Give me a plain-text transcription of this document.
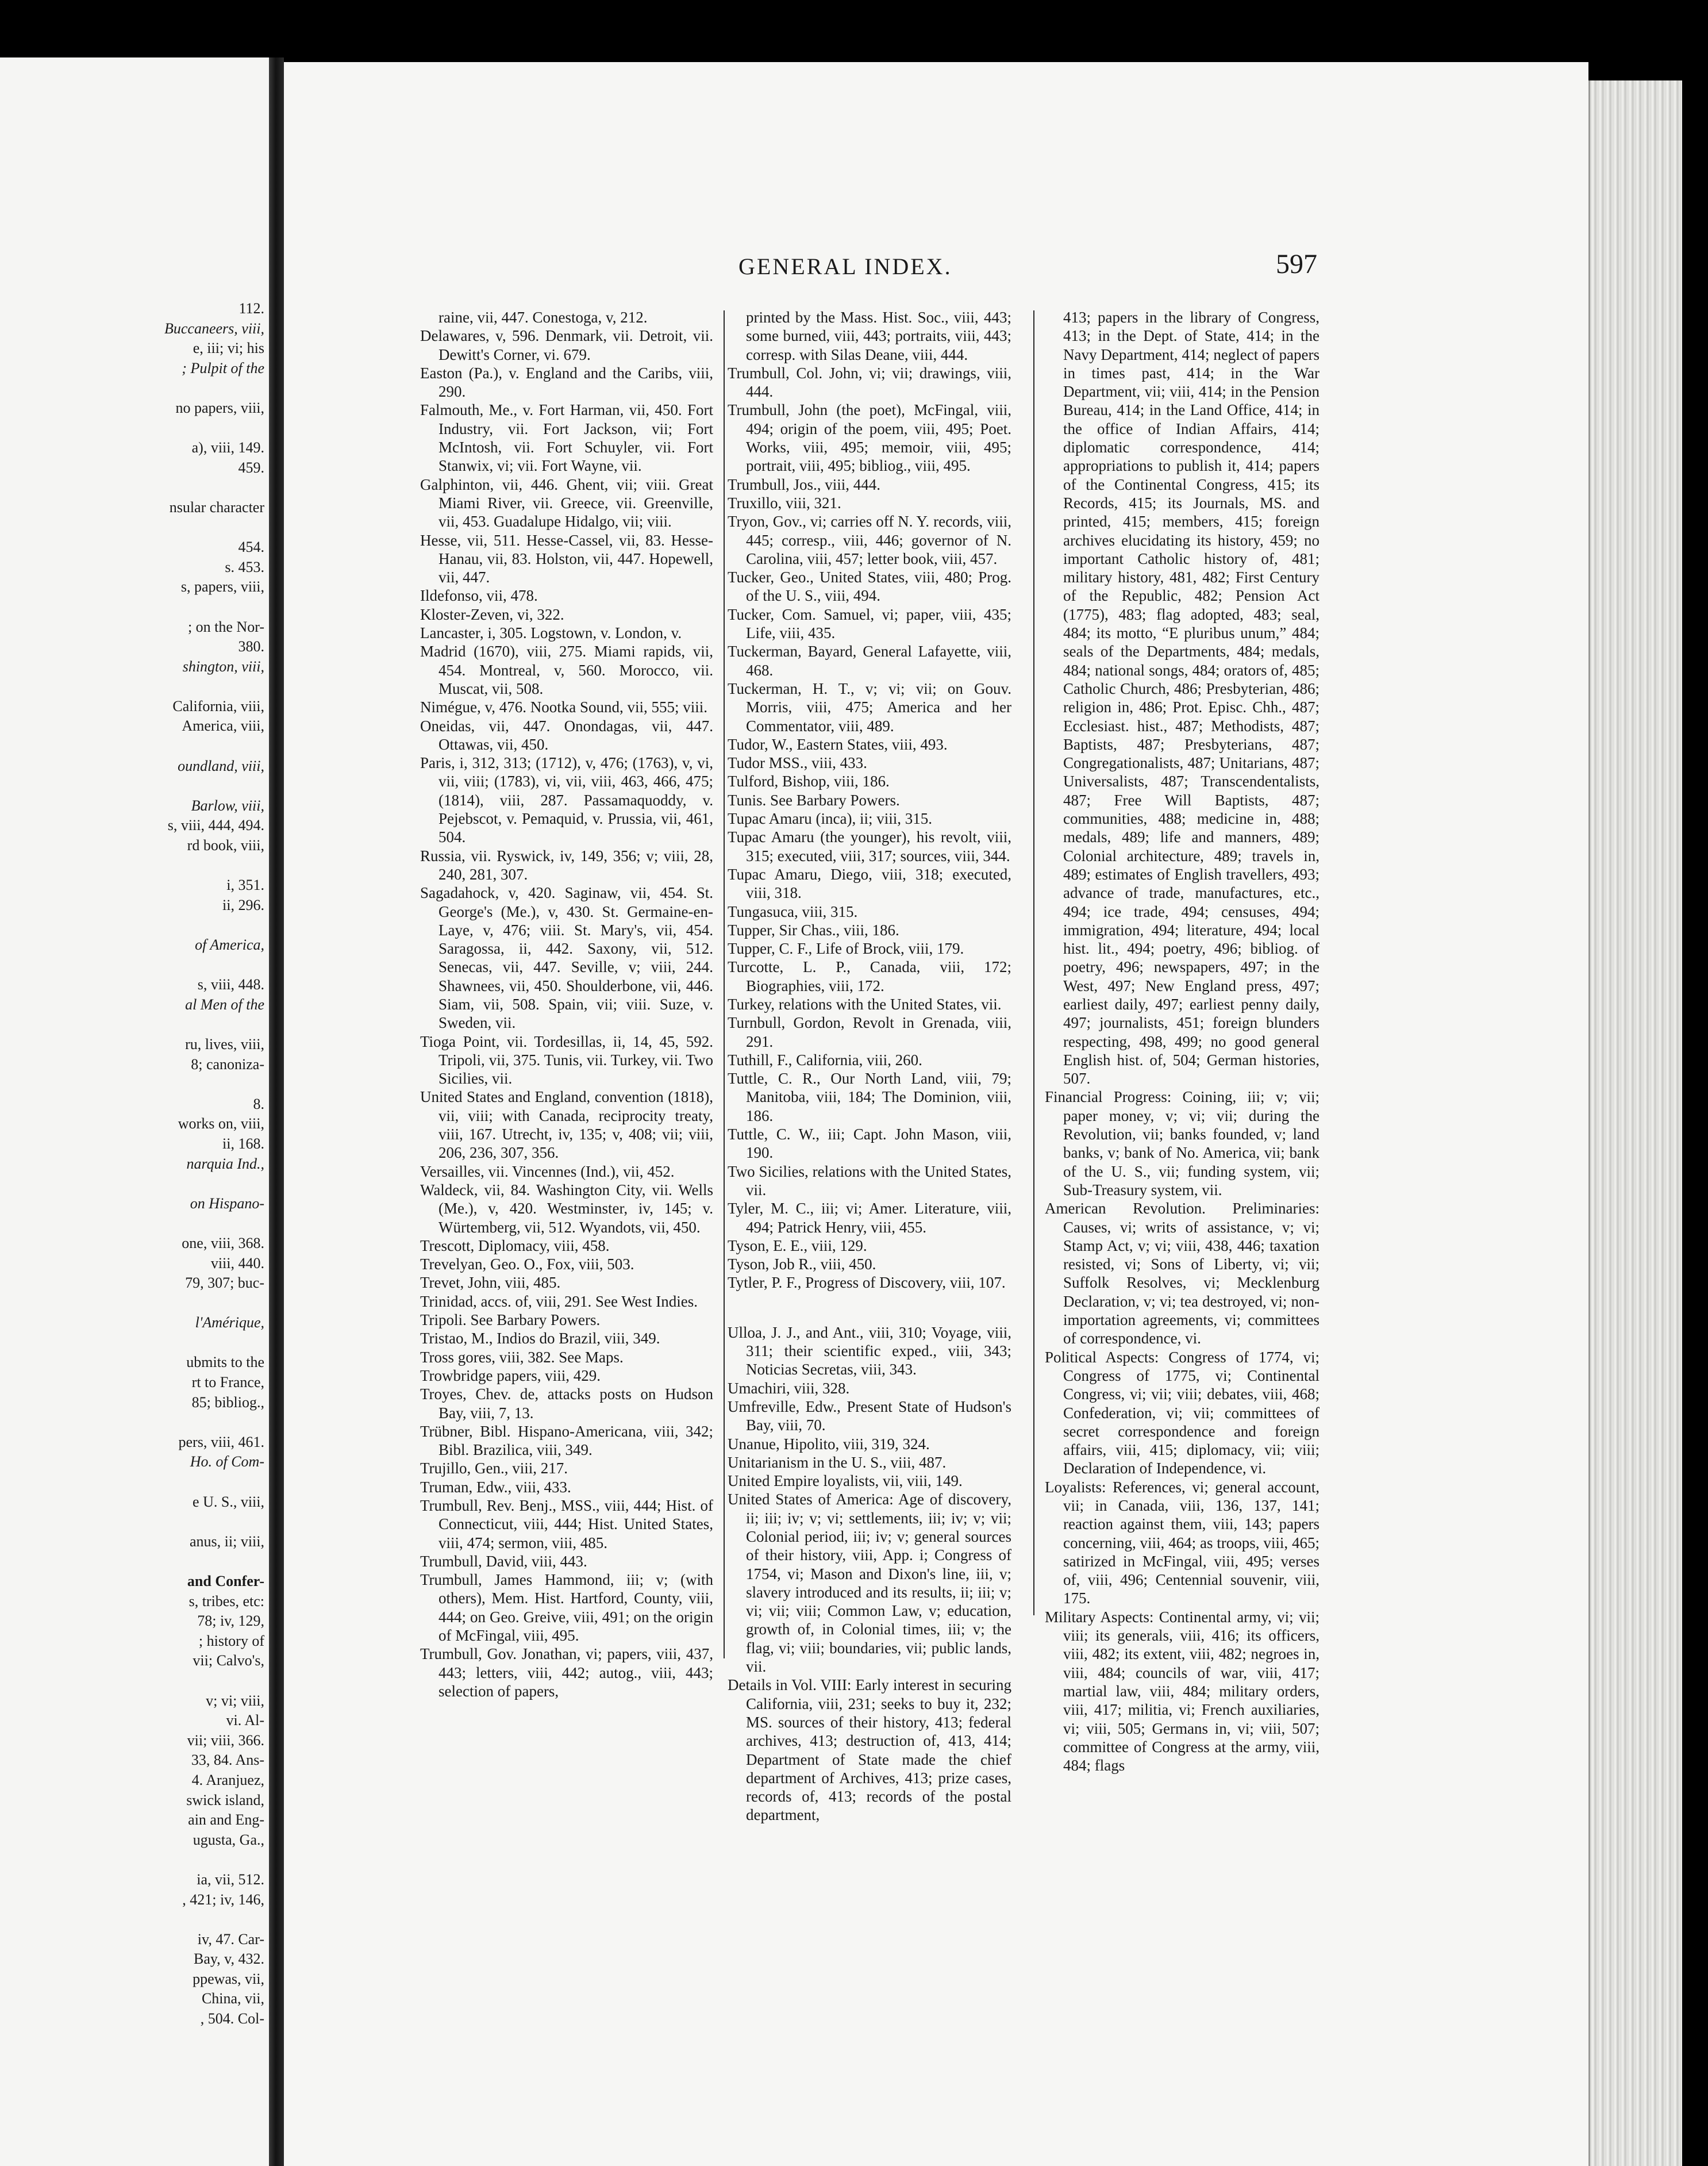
112.
Buccaneers, viii,
e, iii; vi; his
; Pulpit of the

no papers, viii,

a), viii, 149.
459.

nsular character

454.
s. 453.
s, papers, viii,

; on the Nor-
380.
shington, viii,

California, viii,
America, viii,

oundland, viii,

Barlow, viii,
s, viii, 444, 494.
rd book, viii,

i, 351.
ii, 296.

of America,

s, viii, 448.
al Men of the

ru, lives, viii,
8; canoniza-

8.
works on, viii,
ii, 168.
narquia Ind.,

on Hispano-

one, viii, 368.
viii, 440.
79, 307; buc-

l'Amérique,

ubmits to the
rt to France,
85; bibliog.,

pers, viii, 461.
Ho. of Com-

e U. S., viii,

anus, ii; viii,

and Confer-
s, tribes, etc:
78; iv, 129,
; history of
vii; Calvo's,

v; vi; viii,
vi. Al-
vii; viii, 366.
33, 84. Ans-
4. Aranjuez,
swick island,
ain and Eng-
ugusta, Ga.,

ia, vii, 512.
, 421; iv, 146,

iv, 47. Car-
Bay, v, 432.
ppewas, vii,
China, vii,
, 504. Col-
GENERAL INDEX.	597
raine, vii, 447. Conestoga, v, 212.
Delawares, v, 596. Denmark, vii. Detroit, vii. Dewitt's Corner, vi. 679.
Easton (Pa.), v. England and the Caribs, viii, 290.
Falmouth, Me., v. Fort Harman, vii, 450. Fort Industry, vii. Fort Jackson, vii; Fort McIntosh, vii. Fort Schuyler, vii. Fort Stanwix, vi; vii. Fort Wayne, vii.
Galphinton, vii, 446. Ghent, vii; viii. Great Miami River, vii. Greece, vii. Greenville, vii, 453. Guadalupe Hidalgo, vii; viii.
Hesse, vii, 511. Hesse-Cassel, vii, 83. Hesse-Hanau, vii, 83. Holston, vii, 447. Hopewell, vii, 447.
Ildefonso, vii, 478.
Kloster-Zeven, vi, 322.
Lancaster, i, 305. Logstown, v. London, v.
Madrid (1670), viii, 275. Miami rapids, vii, 454. Montreal, v, 560. Morocco, vii. Muscat, vii, 508.
Nimégue, v, 476. Nootka Sound, vii, 555; viii.
Oneidas, vii, 447. Onondagas, vii, 447. Ottawas, vii, 450.
Paris, i, 312, 313; (1712), v, 476; (1763), v, vi, vii, viii; (1783), vi, vii, viii, 463, 466, 475; (1814), viii, 287. Passamaquoddy, v. Pejebscot, v. Pemaquid, v. Prussia, vii, 461, 504.
Russia, vii. Ryswick, iv, 149, 356; v; viii, 28, 240, 281, 307.
Sagadahock, v, 420. Saginaw, vii, 454. St. George's (Me.), v, 430. St. Germaine-en-Laye, v, 476; viii. St. Mary's, vii, 454. Saragossa, ii, 442. Saxony, vii, 512. Senecas, vii, 447. Seville, v; viii, 244. Shawnees, vii, 450. Shoulderbone, vii, 446. Siam, vii, 508. Spain, vii; viii. Suze, v. Sweden, vii.
Tioga Point, vii. Tordesillas, ii, 14, 45, 592. Tripoli, vii, 375. Tunis, vii. Turkey, vii. Two Sicilies, vii.
United States and England, convention (1818), vii, viii; with Canada, reciprocity treaty, viii, 167. Utrecht, iv, 135; v, 408; vii; viii, 206, 236, 307, 356.
Versailles, vii. Vincennes (Ind.), vii, 452.
Waldeck, vii, 84. Washington City, vii. Wells (Me.), v, 420. Westminster, iv, 145; v. Würtemberg, vii, 512. Wyandots, vii, 450.
Trescott, Diplomacy, viii, 458.
Trevelyan, Geo. O., Fox, viii, 503.
Trevet, John, viii, 485.
Trinidad, accs. of, viii, 291. See West Indies.
Tripoli. See Barbary Powers.
Tristao, M., Indios do Brazil, viii, 349.
Tross gores, viii, 382. See Maps.
Trowbridge papers, viii, 429.
Troyes, Chev. de, attacks posts on Hudson Bay, viii, 7, 13.
Trübner, Bibl. Hispano-Americana, viii, 342; Bibl. Brazilica, viii, 349.
Trujillo, Gen., viii, 217.
Truman, Edw., viii, 433.
Trumbull, Rev. Benj., MSS., viii, 444; Hist. of Connecticut, viii, 444; Hist. United States, viii, 474; sermon, viii, 485.
Trumbull, David, viii, 443.
Trumbull, James Hammond, iii; v; (with others), Mem. Hist. Hartford, County, viii, 444; on Geo. Greive, viii, 491; on the origin of McFingal, viii, 495.
Trumbull, Gov. Jonathan, vi; papers, viii, 437, 443; letters, viii, 442; autog., viii, 443; selection of papers,
printed by the Mass. Hist. Soc., viii, 443; some burned, viii, 443; portraits, viii, 443; corresp. with Silas Deane, viii, 444.
Trumbull, Col. John, vi; vii; drawings, viii, 444.
Trumbull, John (the poet), McFingal, viii, 494; origin of the poem, viii, 495; Poet. Works, viii, 495; memoir, viii, 495; portrait, viii, 495; bibliog., viii, 495.
Trumbull, Jos., viii, 444.
Truxillo, viii, 321.
Tryon, Gov., vi; carries off N. Y. records, viii, 445; corresp., viii, 446; governor of N. Carolina, viii, 457; letter book, viii, 457.
Tucker, Geo., United States, viii, 480; Prog. of the U. S., viii, 494.
Tucker, Com. Samuel, vi; paper, viii, 435; Life, viii, 435.
Tuckerman, Bayard, General Lafayette, viii, 468.
Tuckerman, H. T., v; vi; vii; on Gouv. Morris, viii, 475; America and her Commentator, viii, 489.
Tudor, W., Eastern States, viii, 493.
Tudor MSS., viii, 433.
Tulford, Bishop, viii, 186.
Tunis. See Barbary Powers.
Tupac Amaru (inca), ii; viii, 315.
Tupac Amaru (the younger), his revolt, viii, 315; executed, viii, 317; sources, viii, 344.
Tupac Amaru, Diego, viii, 318; executed, viii, 318.
Tungasuca, viii, 315.
Tupper, Sir Chas., viii, 186.
Tupper, C. F., Life of Brock, viii, 179.
Turcotte, L. P., Canada, viii, 172; Biographies, viii, 172.
Turkey, relations with the United States, vii.
Turnbull, Gordon, Revolt in Grenada, viii, 291.
Tuthill, F., California, viii, 260.
Tuttle, C. R., Our North Land, viii, 79; Manitoba, viii, 184; The Dominion, viii, 186.
Tuttle, C. W., iii; Capt. John Mason, viii, 190.
Two Sicilies, relations with the United States, vii.
Tyler, M. C., iii; vi; Amer. Literature, viii, 494; Patrick Henry, viii, 455.
Tyson, E. E., viii, 129.
Tyson, Job R., viii, 450.
Tytler, P. F., Progress of Discovery, viii, 107.
Ulloa, J. J., and Ant., viii, 310; Voyage, viii, 311; their scientific exped., viii, 343; Noticias Secretas, viii, 343.
Umachiri, viii, 328.
Umfreville, Edw., Present State of Hudson's Bay, viii, 70.
Unanue, Hipolito, viii, 319, 324.
Unitarianism in the U. S., viii, 487.
United Empire loyalists, vii, viii, 149.
United States of America: Age of discovery, ii; iii; iv; v; vi; settlements, iii; iv; v; vii; Colonial period, iii; iv; v; general sources of their history, viii, App. i; Congress of 1754, vi; Mason and Dixon's line, iii, v; slavery introduced and its results, ii; iii; v; vi; vii; viii; Common Law, v; education, growth of, in Colonial times, iii; v; the flag, vi; viii; boundaries, vii; public lands, vii.
Details in Vol. VIII: Early interest in securing California, viii, 231; seeks to buy it, 232; MS. sources of their history, 413; federal archives, 413; destruction of, 413, 414; Department of State made the chief department of Archives, 413; prize cases, records of, 413; records of the postal department,
413; papers in the library of Congress, 413; in the Dept. of State, 414; in the Navy Department, 414; neglect of papers in times past, 414; in the War Department, vii; viii, 414; in the Pension Bureau, 414; in the Land Office, 414; in the office of Indian Affairs, 414; diplomatic correspondence, 414; appropriations to publish it, 414; papers of the Continental Congress, 415; its Records, 415; its Journals, MS. and printed, 415; members, 415; foreign archives elucidating its history, 459; no important Catholic history of, 481; military history, 481, 482; First Century of the Republic, 482; Pension Act (1775), 483; flag adopted, 483; seal, 484; its motto, “E pluribus unum,” 484; seals of the Departments, 484; medals, 484; national songs, 484; orators of, 485; Catholic Church, 486; Presbyterian, 486; religion in, 486; Prot. Episc. Chh., 487; Ecclesiast. hist., 487; Methodists, 487; Baptists, 487; Presbyterians, 487; Congregationalists, 487; Unitarians, 487; Universalists, 487; Transcendentalists, 487; Free Will Baptists, 487; communities, 488; medicine in, 488; medals, 489; life and manners, 489; Colonial architecture, 489; travels in, 489; estimates of English travellers, 493; advance of trade, manufactures, etc., 494; ice trade, 494; censuses, 494; immigration, 494; literature, 494; local hist. lit., 494; poetry, 496; bibliog. of poetry, 496; newspapers, 497; in the West, 497; New England press, 497; earliest daily, 497; earliest penny daily, 497; journalists, 451; foreign blunders respecting, 498, 499; no good general English hist. of, 504; German histories, 507.
Financial Progress: Coining, iii; v; vii; paper money, v; vi; vii; during the Revolution, vii; banks founded, v; land banks, v; bank of No. America, vii; bank of the U. S., vii; funding system, vii; Sub-Treasury system, vii.
American Revolution. Preliminaries: Causes, vi; writs of assistance, v; vi; Stamp Act, v; vi; viii, 438, 446; taxation resisted, vi; Sons of Liberty, vi; vii; Suffolk Resolves, vi; Mecklenburg Declaration, v; vi; tea destroyed, vi; non-importation agreements, vi; committees of correspondence, vi.
Political Aspects: Congress of 1774, vi; Congress of 1775, vi; Continental Congress, vi; vii; viii; debates, viii, 468; Confederation, vi; vii; committees of secret correspondence and foreign affairs, viii, 415; diplomacy, vii; viii; Declaration of Independence, vi.
Loyalists: References, vi; general account, vii; in Canada, viii, 136, 137, 141; reaction against them, viii, 143; papers concerning, viii, 464; as troops, viii, 465; satirized in McFingal, viii, 495; verses of, viii, 496; Centennial souvenir, viii, 175.
Military Aspects: Continental army, vi; vii; viii; its generals, viii, 416; its officers, viii, 482; its extent, viii, 482; negroes in, viii, 484; councils of war, viii, 417; martial law, viii, 484; military orders, viii, 417; militia, vi; French auxiliaries, vi; viii, 505; Germans in, vi; viii, 507; committee of Congress at the army, viii, 484; flags
